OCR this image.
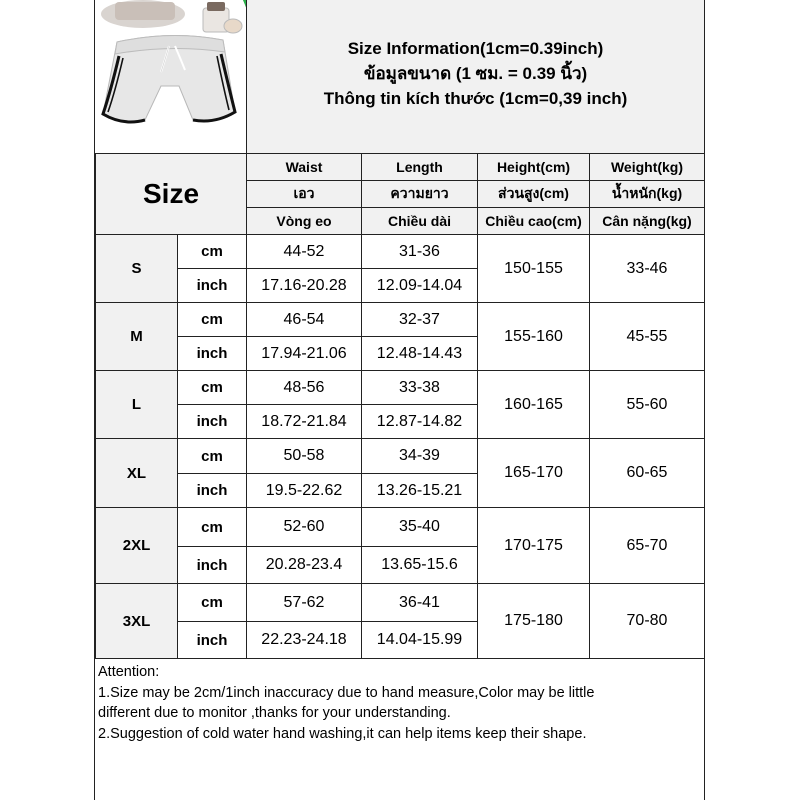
Size Information(1cm=0.39inch)
ข้อมูลขนาด (1 ซม. = 0.39 นิ้ว)
Thông tin kích thước (1cm=0,39 inch)
Size		Waist	Length	Height(cm)	Weight(kg)
		เอว	ความยาว	ส่วนสูง(cm)	น้ำหนัก(kg)
		Vòng eo	Chiều dài	Chiều cao(cm)	Cân nặng(kg)
S	cm	44-52	31-36	150-155	33-46
	inch	17.16-20.28	12.09-14.04		
M	cm	46-54	32-37	155-160	45-55
	inch	17.94-21.06	12.48-14.43		
L	cm	48-56	33-38	160-165	55-60
	inch	18.72-21.84	12.87-14.82		
XL	cm	50-58	34-39	165-170	60-65
	inch	19.5-22.62	13.26-15.21		
2XL	cm	52-60	35-40	170-175	65-70
	inch	20.28-23.4	13.65-15.6		
3XL	cm	57-62	36-41	175-180	70-80
	inch	22.23-24.18	14.04-15.99		
Attention:
1.Size may be 2cm/1inch inaccuracy due to hand measure,Color may be little
different due to monitor ,thanks for your understanding.
2.Suggestion of cold water hand washing,it can help items keep their shape.
